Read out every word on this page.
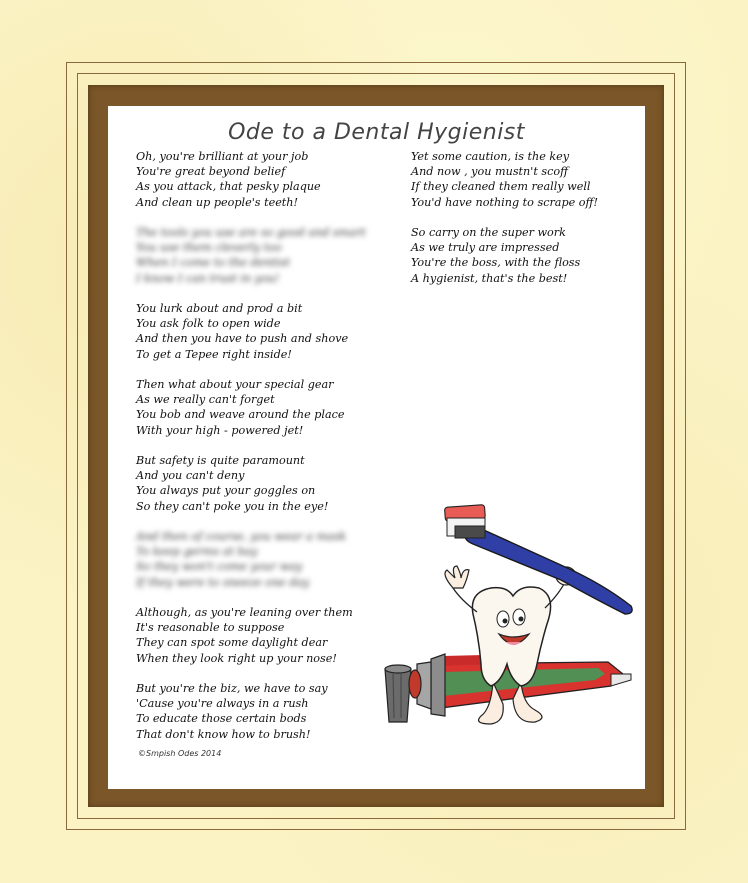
Ode to a Dental Hygienist
Oh, you're brilliant at your job
You're great beyond belief
As you attack, that pesky plaque
And clean up people's teeth!
The tools you use are so good and smart
You use them cleverly too
When I come to the dentist
I know I can trust in you!
You lurk about and prod a bit
You ask folk to open wide
And then you have to push and shove
To get a Tepee right inside!
Then what about your special gear
As we really can't forget
You bob and weave around the place
With your high - powered jet!
But safety is quite paramount
And you can't deny
You always put your goggles on
So they can't poke you in the eye!
And then of course, you wear a mask
To keep germs at bay
So they won't come your way
If they were to sneeze one day
Although, as you're leaning over them
It's reasonable to suppose
They can spot some daylight dear
When they look right up your nose!
But you're the biz, we have to say
'Cause you're always in a rush
To educate those certain bods
That don't know how to brush!
Yet some caution, is the key
And now , you mustn't scoff
If they cleaned them really well
You'd have nothing to scrape off!
So carry on the super work
As we truly are impressed
You're the boss, with the floss
A hygienist, that's the best!
©Smpish Odes 2014
